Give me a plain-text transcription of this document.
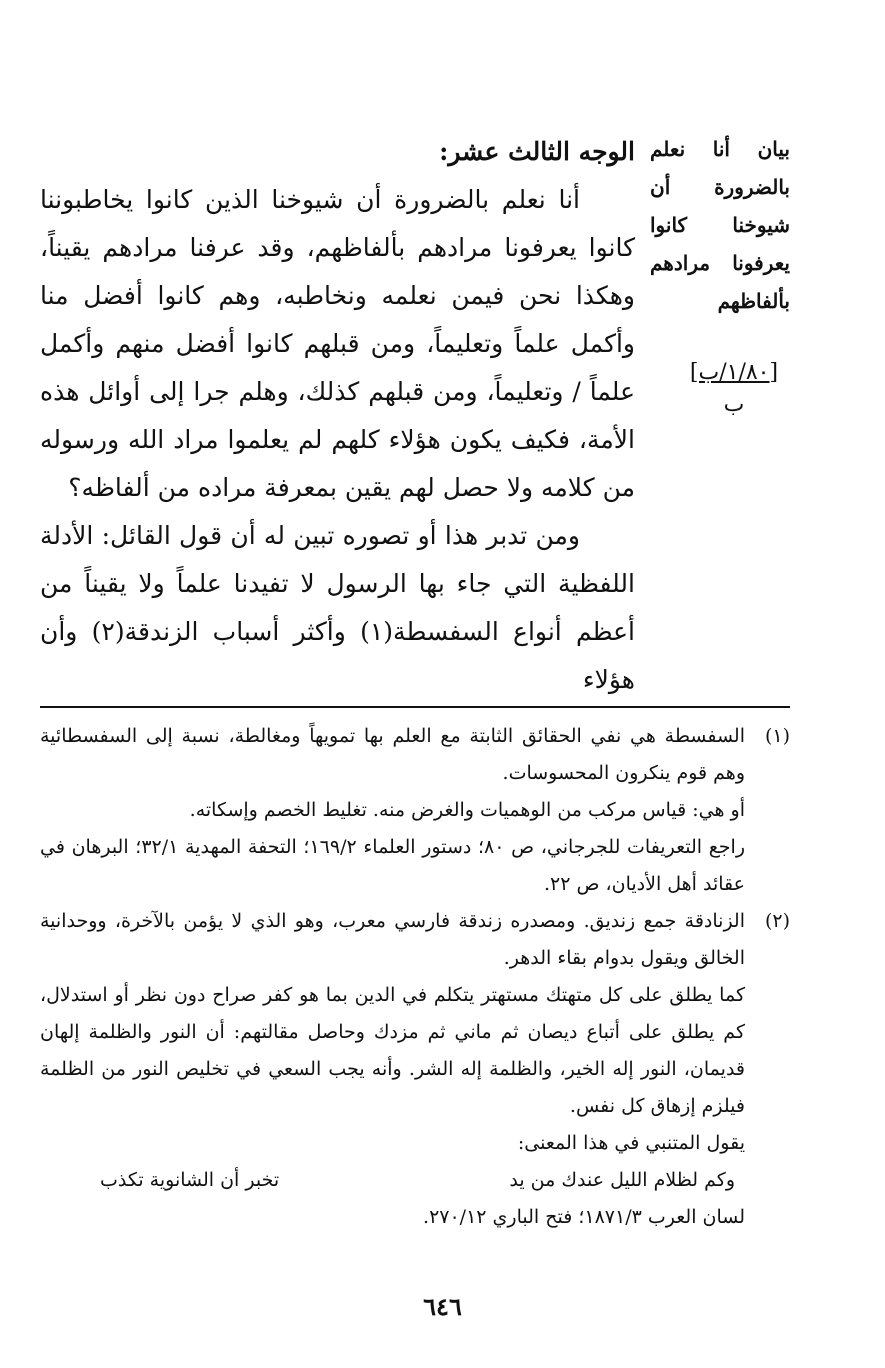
الوجه الثالث عشر:

أنا نعلم بالضرورة أن شيوخنا الذين كانوا يخاطبوننا كانوا يعرفونا مرادهم بألفاظهم، وقد عرفنا مرادهم يقيناً، وهكذا نحن فيمن نعلمه ونخاطبه، وهم كانوا أفضل منا وأكمل علماً وتعليماً، ومن قبلهم كانوا أفضل منهم وأكمل علماً / وتعليماً، ومن قبلهم كذلك، وهلم جرا إلى أوائل هذه الأمة، فكيف يكون هؤلاء كلهم لم يعلموا مراد الله ورسوله من كلامه ولا حصل لهم يقين بمعرفة مراده من ألفاظه؟

ومن تدبر هذا أو تصوره تبين له أن قول القائل: الأدلة اللفظية التي جاء بها الرسول لا تفيدنا علماً ولا يقيناً من أعظم أنواع السفسطة(١) وأكثر أسباب الزندقة(٢) وأن هؤلاء

بيان أنا نعلم بالضرورة أن شيوخنا كانوا يعرفونا مرادهم بألفاظهم
[١/٨٠/ب]
ب
(١)

السفسطة هي نفي الحقائق الثابتة مع العلم بها تمويهاً ومغالطة، نسبة إلى السفسطائية وهم قوم ينكرون المحسوسات.

أو هي: قياس مركب من الوهميات والغرض منه. تغليط الخصم وإسكاته.

راجع التعريفات للجرجاني، ص ٨٠؛ دستور العلماء ١٦٩/٢؛ التحفة المهدية ٣٢/١؛ البرهان في عقائد أهل الأديان، ص ٢٢.

(٢)

الزنادقة جمع زنديق. ومصدره زندقة فارسي معرب، وهو الذي لا يؤمن بالآخرة، ووحدانية الخالق ويقول بدوام بقاء الدهر.

كما يطلق على كل متهتك مستهتر يتكلم في الدين بما هو كفر صراح دون نظر أو استدلال، كم يطلق على أتباع ديصان ثم ماني ثم مزدك وحاصل مقالتهم: أن النور والظلمة إلهان قديمان، النور إله الخير، والظلمة إله الشر. وأنه يجب السعي في تخليص النور من الظلمة فيلزم إزهاق كل نفس.

يقول المتنبي في هذا المعنى:

وكم لظلام الليل عندك من يد
تخبر أن الشانوية تكذب

لسان العرب ١٨٧١/٣؛ فتح الباري ٢٧٠/١٢.

٦٤٦
